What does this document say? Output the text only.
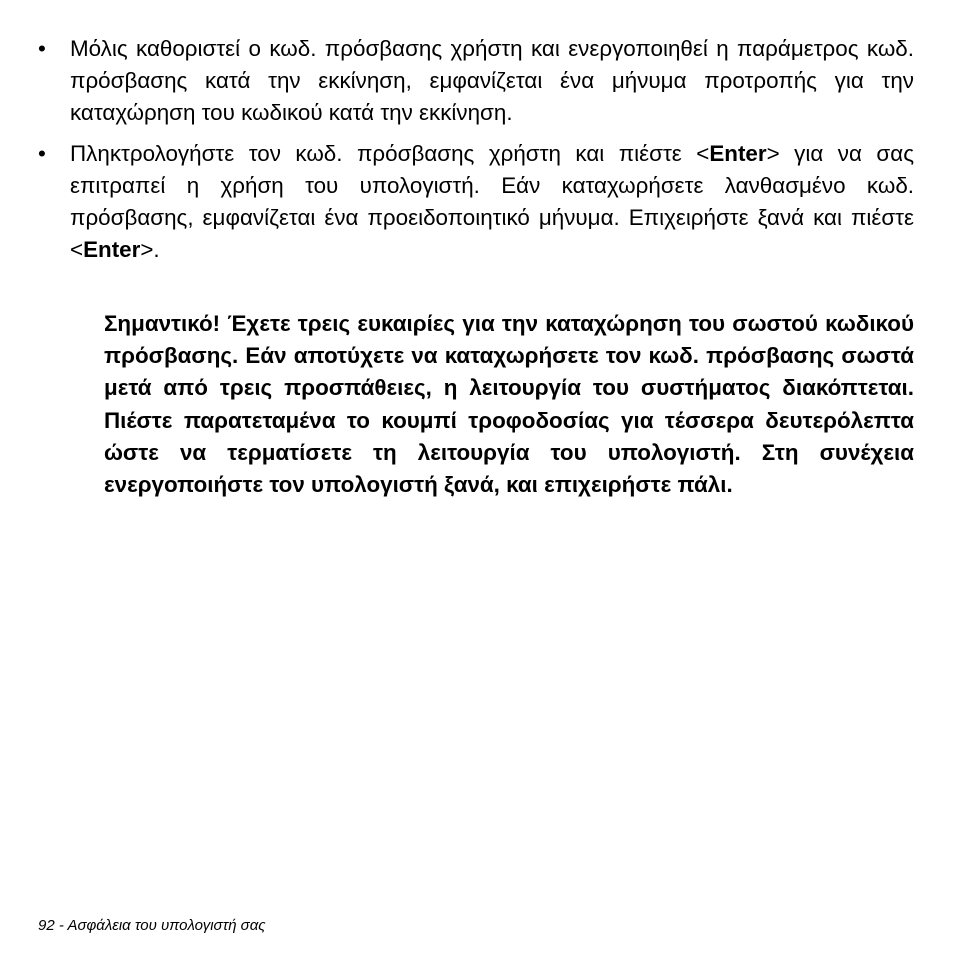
•	Μόλις καθοριστεί ο κωδ. πρόσβασης χρήστη και ενεργοποιηθεί η παράμετρος κωδ. πρόσβασης κατά την εκκίνηση, εμφανίζεται ένα μήνυμα προτροπής για την καταχώρηση του κωδικού κατά την εκκίνηση.
•	Πληκτρολογήστε τον κωδ. πρόσβασης χρήστη και πιέστε <Enter> για να σας επιτραπεί η χρήση του υπολογιστή. Εάν καταχωρήσετε λανθασμένο κωδ. πρόσβασης, εμφανίζεται ένα προειδοποιητικό μήνυμα. Επιχειρήστε ξανά και πιέστε <Enter>.

Σημαντικό! Έχετε τρεις ευκαιρίες για την καταχώρηση του σωστού κωδικού πρόσβασης. Εάν αποτύχετε να καταχωρήσετε τον κωδ. πρόσβασης σωστά μετά από τρεις προσπάθειες, η λειτουργία του συστήματος διακόπτεται. Πιέστε παρατεταμένα το κουμπί τροφοδοσίας για τέσσερα δευτερόλεπτα ώστε να τερματίσετε τη λειτουργία του υπολογιστή. Στη συνέχεια ενεργοποιήστε τον υπολογιστή ξανά, και επιχειρήστε πάλι.

92 - Ασφάλεια του υπολογιστή σας
